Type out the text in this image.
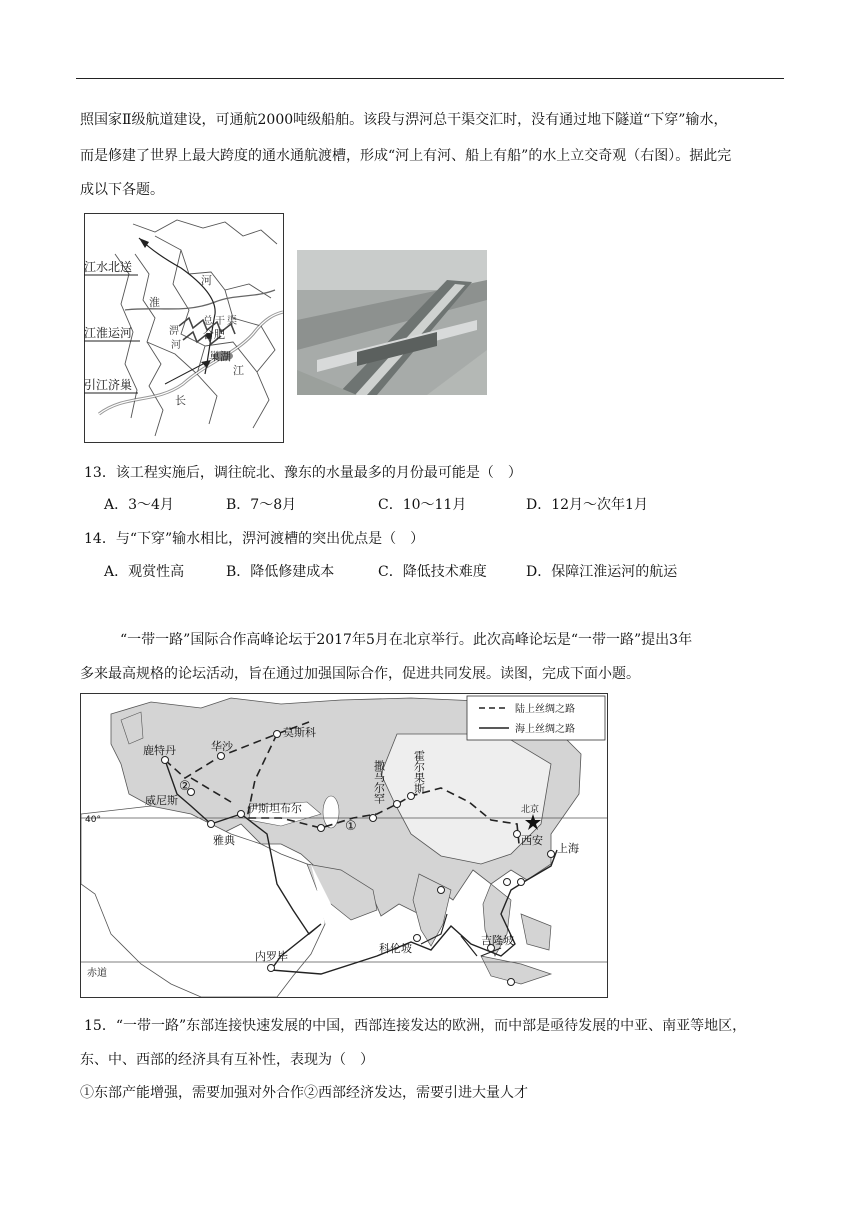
照国家Ⅱ级航道建设，可通航2000吨级船舶。该段与淠河总干渠交汇时，没有通过地下隧道“下穿”输水，
而是修建了世界上最大跨度的通水通航渡槽，形成“河上有河、船上有船”的水上立交奇观（右图）。据此完
成以下各题。
淮
河
淠
河
总 干 渠
合肥
巢湖
江
长
江水北送
江淮运河
引江济巢
13．该工程实施后，调往皖北、豫东的水量最多的月份最可能是（　）
A．3～4月	B．7～8月	C．10～11月	D．12月～次年1月
14．与“下穿”输水相比，淠河渡槽的突出优点是（　）
A．观赏性高	B．降低修建成本	C．降低技术难度	D．保障江淮运河的航运
“一带一路”国际合作高峰论坛于2017年5月在北京举行。此次高峰论坛是“一带一路”提出3年
多来最高规格的论坛活动，旨在通过加强国际合作，促进共同发展。读图，完成下面小题。
陆上丝绸之路
海上丝绸之路
莫斯科
鹿特丹	华沙
威尼斯
伊斯坦布尔
雅典
撒马尔罕 霍尔果斯
北京
西安
上海
内罗毕
科伦坡
吉隆坡
②
①
40°
赤道
15．“一带一路”东部连接快速发展的中国，西部连接发达的欧洲，而中部是亟待发展的中亚、南亚等地区，
东、中、西部的经济具有互补性，表现为（　）
①东部产能增强，需要加强对外合作②西部经济发达，需要引进大量人才
